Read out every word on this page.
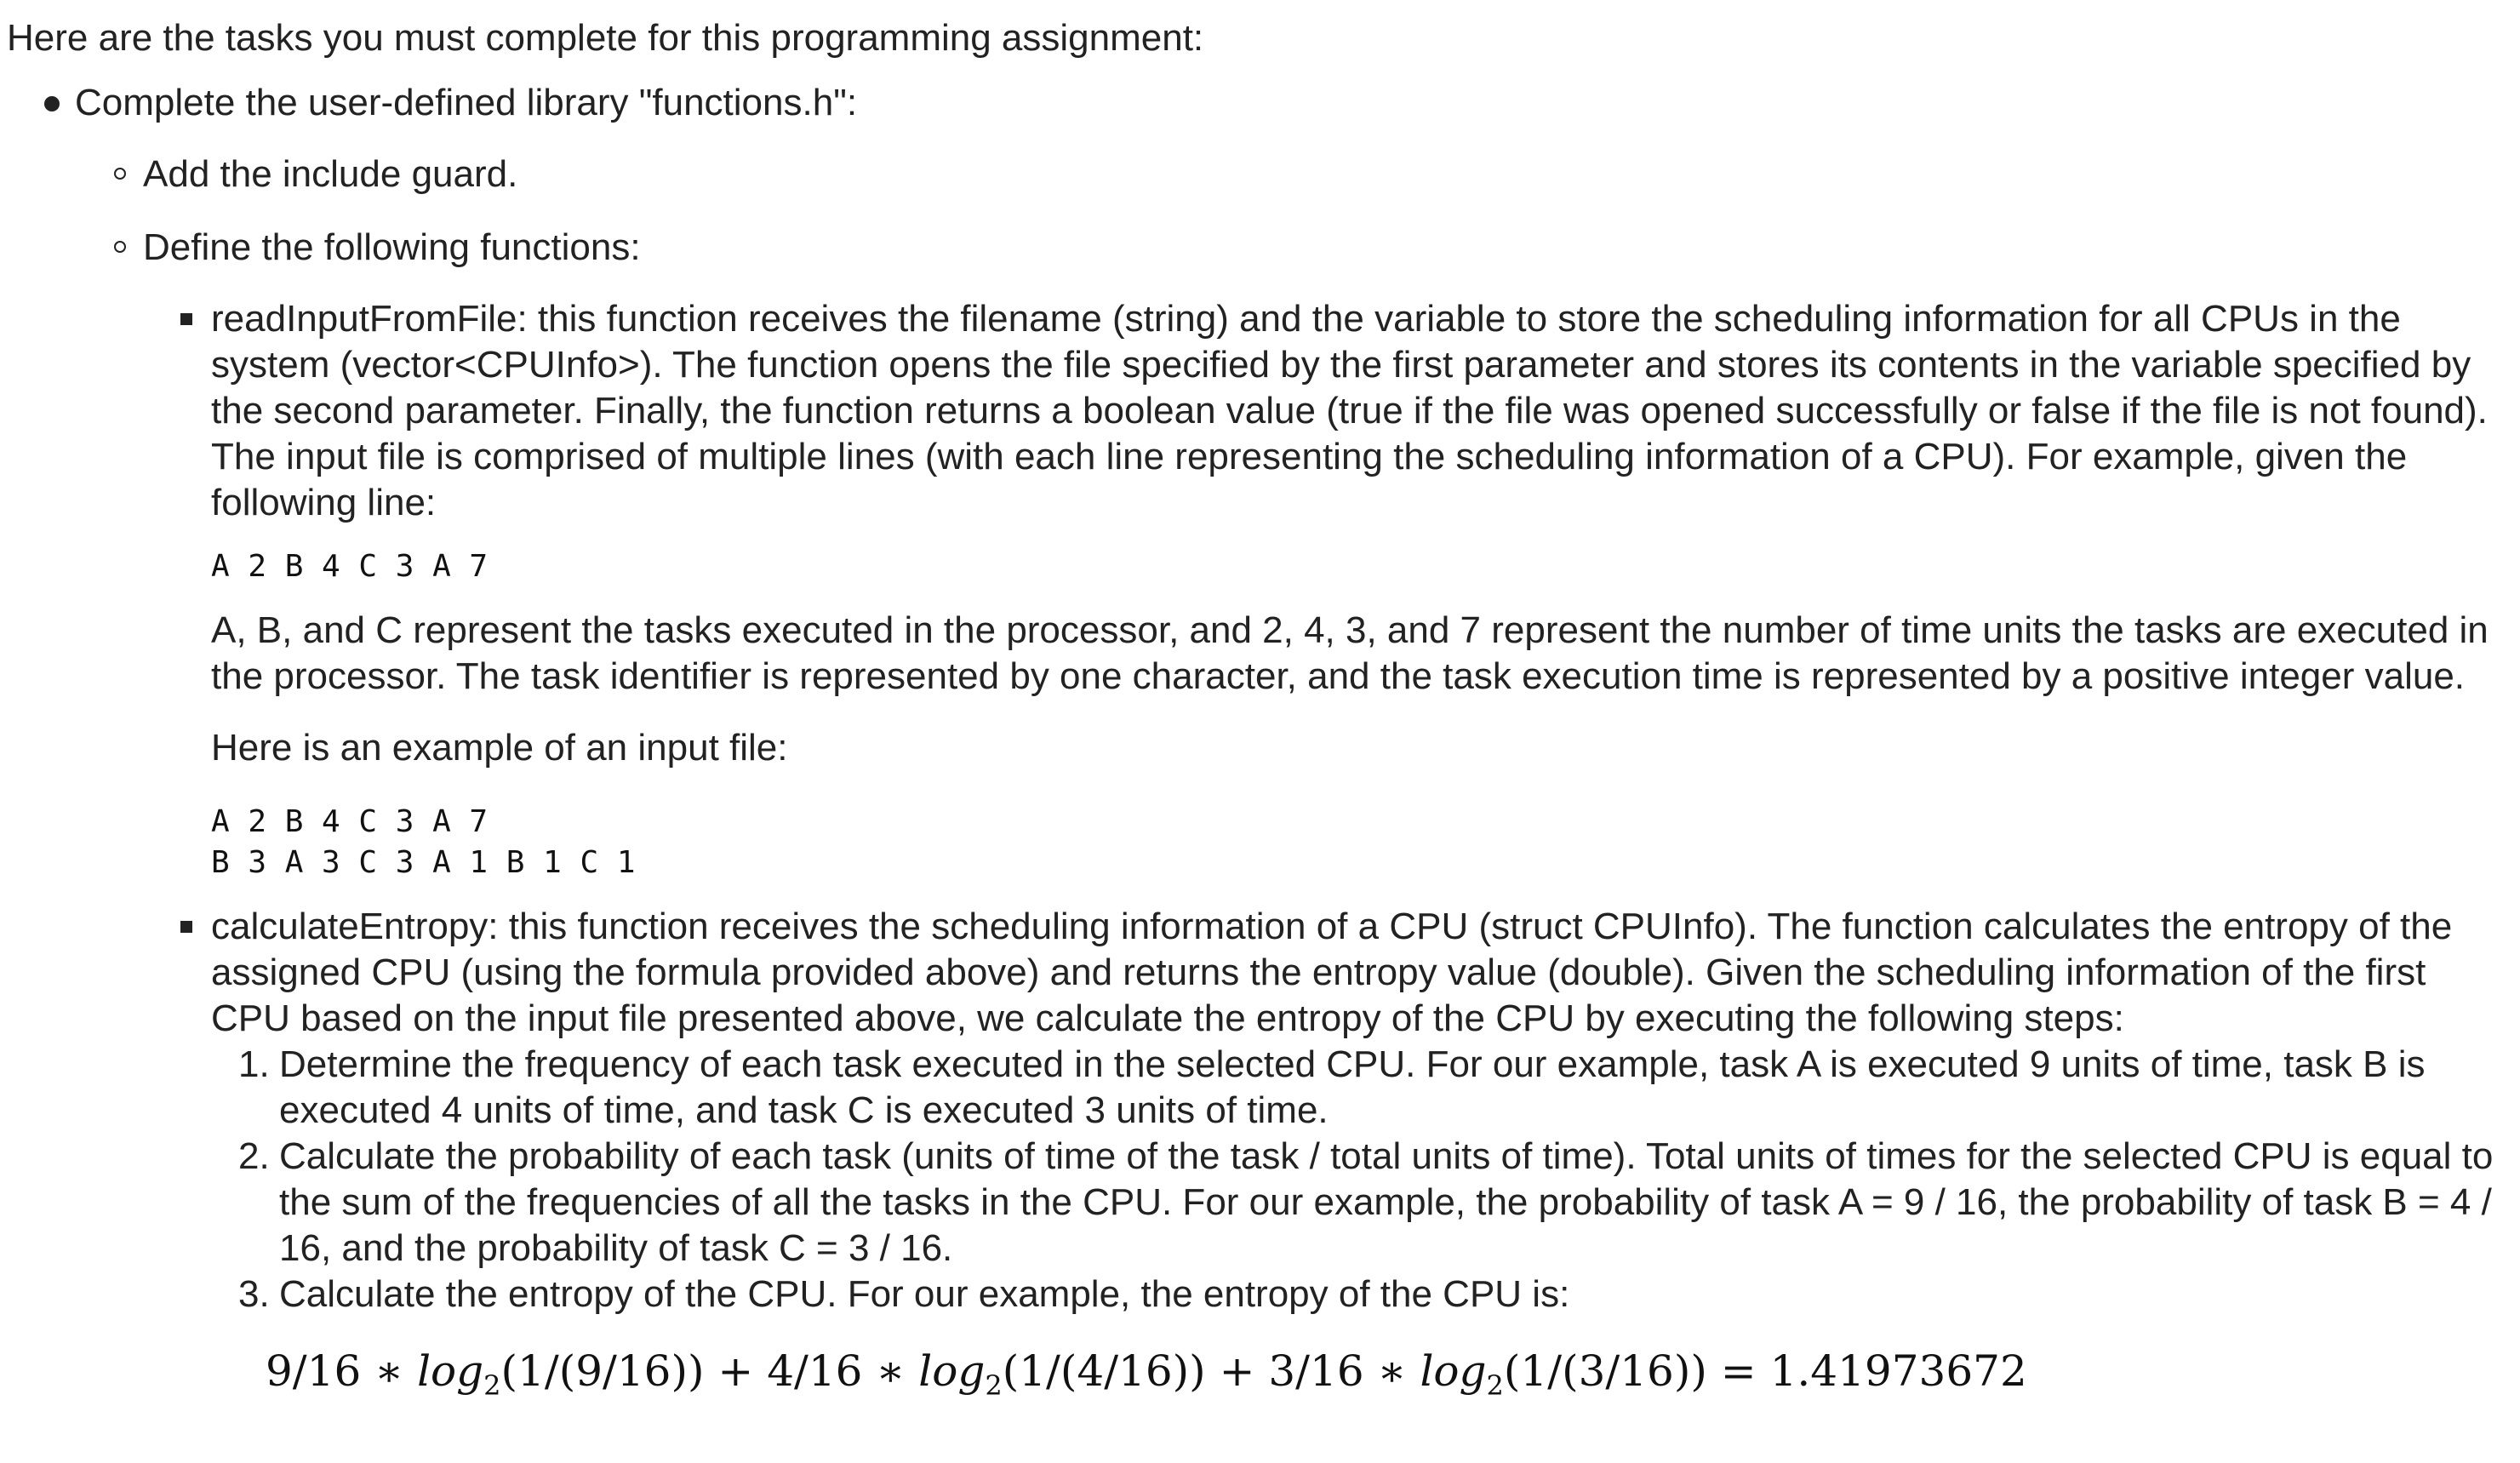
Here are the tasks you must complete for this programming assignment:

Complete the user-defined library "functions.h":
Add the include guard.
Define the following functions:

readInputFromFile: this function receives the filename (string) and the variable to store the scheduling information for all CPUs in the system (vector<CPUInfo>). The function opens the file specified by the first parameter and stores its contents in the variable specified by the second parameter. Finally, the function returns a boolean value (true if the file was opened successfully or false if the file is not found). The input file is comprised of multiple lines (with each line representing the scheduling information of a CPU). For example, given the following line:

A 2 B 4 C 3 A 7

A, B, and C represent the tasks executed in the processor, and 2, 4, 3, and 7 represent the number of time units the tasks are executed in the processor. The task identifier is represented by one character, and the task execution time is represented by a positive integer value.

Here is an example of an input file:

A 2 B 4 C 3 A 7
B 3 A 3 C 3 A 1 B 1 C 1

calculateEntropy: this function receives the scheduling information of a CPU (struct CPUInfo). The function calculates the entropy of the assigned CPU (using the formula provided above) and returns the entropy value (double). Given the scheduling information of the first CPU based on the input file presented above, we calculate the entropy of the CPU by executing the following steps:

1. Determine the frequency of each task executed in the selected CPU. For our example, task A is executed 9 units of time, task B is executed 4 units of time, and task C is executed 3 units of time.
2. Calculate the probability of each task (units of time of the task / total units of time). Total units of times for the selected CPU is equal to the sum of the frequencies of all the tasks in the CPU. For our example, the probability of task A = 9 / 16, the probability of task B = 4 / 16, and the probability of task C = 3 / 16.
3. Calculate the entropy of the CPU. For our example, the entropy of the CPU is:
9/16 ∗ $\log_2(1/(9/16)) + 4/16$ ∗ $\log_2(1/(4/16)) + 3/16$ ∗ $\log_2(1/(3/16)) = 1.41973672$
